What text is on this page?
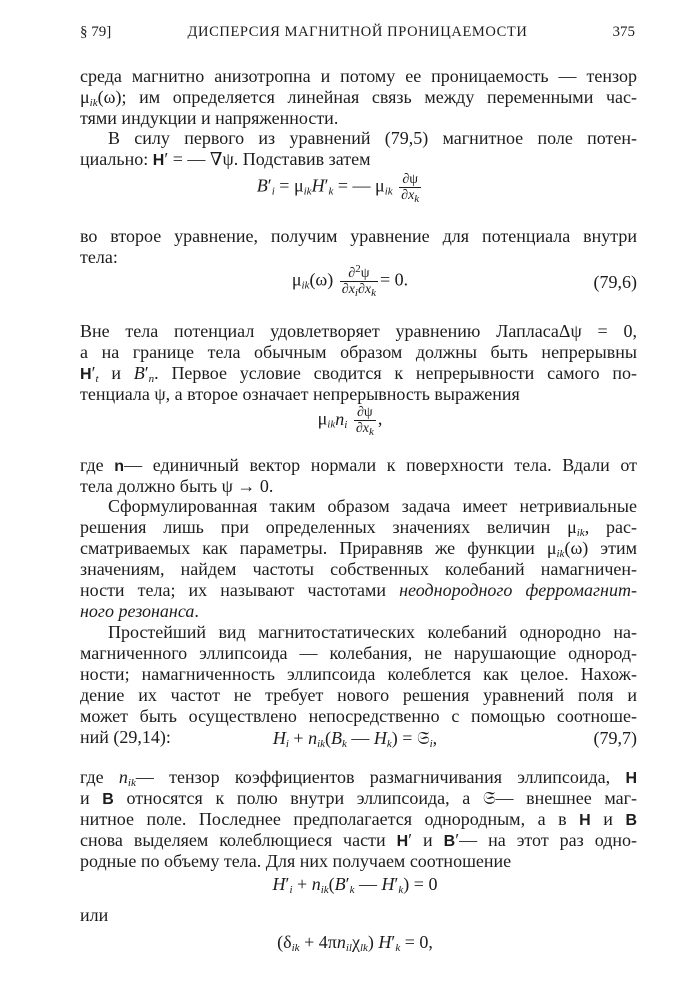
§ 79]	ДИСПЕРСИЯ МАГНИТНОЙ ПРОНИЦАЕМОСТИ	375
среда магнитно анизотропна и потому ее проницаемость — тензор
$\mu_{ik}(\omega)$; им определяется линейная связь между переменными час-
тями индукции и напряженности.
В силу первого из уравнений (79,5) магнитное поле потен-
циально: H′ = — ∇ψ. Подставив затем
$B'_i = \mu_{ik}H'_k$ = — $\mu_{ik} \frac{\partial\psi}{\partial x_k}$
во второе уравнение, получим уравнение для потенциала внутри
тела:
$\mu_{ik}(\omega) \frac{\partial^2\psi}{\partial x_i\partial x_k} = 0$.	(79,6)
Вне тела потенциал удовлетворяет уравнению ЛапласаΔψ = 0,
а на границе тела обычным образом должны быть непрерывны
$H'_t$ и $B'_n$. Первое условие сводится к непрерывности самого по-
тенциала ψ, а второе означает непрерывность выражения
$\mu_{ik}n_i \frac{\partial\psi}{\partial x_k}$ ,
где n— единичный вектор нормали к поверхности тела. Вдали от
тела должно быть ψ → 0.
Сформулированная таким образом задача имеет нетривиальные
решения лишь при определенных значениях величин $\mu_{ik}$, рас-
сматриваемых как параметры. Приравняв же функции $\mu_{ik}(\omega)$ этим
значениям, найдем частоты собственных колебаний намагничен-
ности тела; их называют частотами неоднородного ферромагнит-
ного резонанса.
Простейший вид магнитостатических колебаний однородно на-
магниченного эллипсоида — колебания, не нарушающие однород-
ности; намагниченность эллипсоида колеблется как целое. Нахож-
дение их частот не требует нового решения уравнений поля и
может быть осуществлено непосредственно с помощью соотноше-
ний (29,14):	$H_i + n_{ik}(B_k$ — $H_k$) = 𝔖$_i$,	(79,7)
где $n_{ik}—$ тензор коэффициентов размагничивания эллипсоида, H
и B относятся к полю внутри эллипсоида, а 𝔖— внешнее маг-
нитное поле. Последнее предполагается однородным, а в H и B
снова выделяем колеблющиеся части H′ и B′— на этот раз одно-
родные по объему тела. Для них получаем соотношение
$H'_i + n_{ik}(B'_k$ — $H'_k) = 0$
или
$(\delta_{ik} + 4\pi n_{il}\chi_{lk}) H'_k = 0$,
